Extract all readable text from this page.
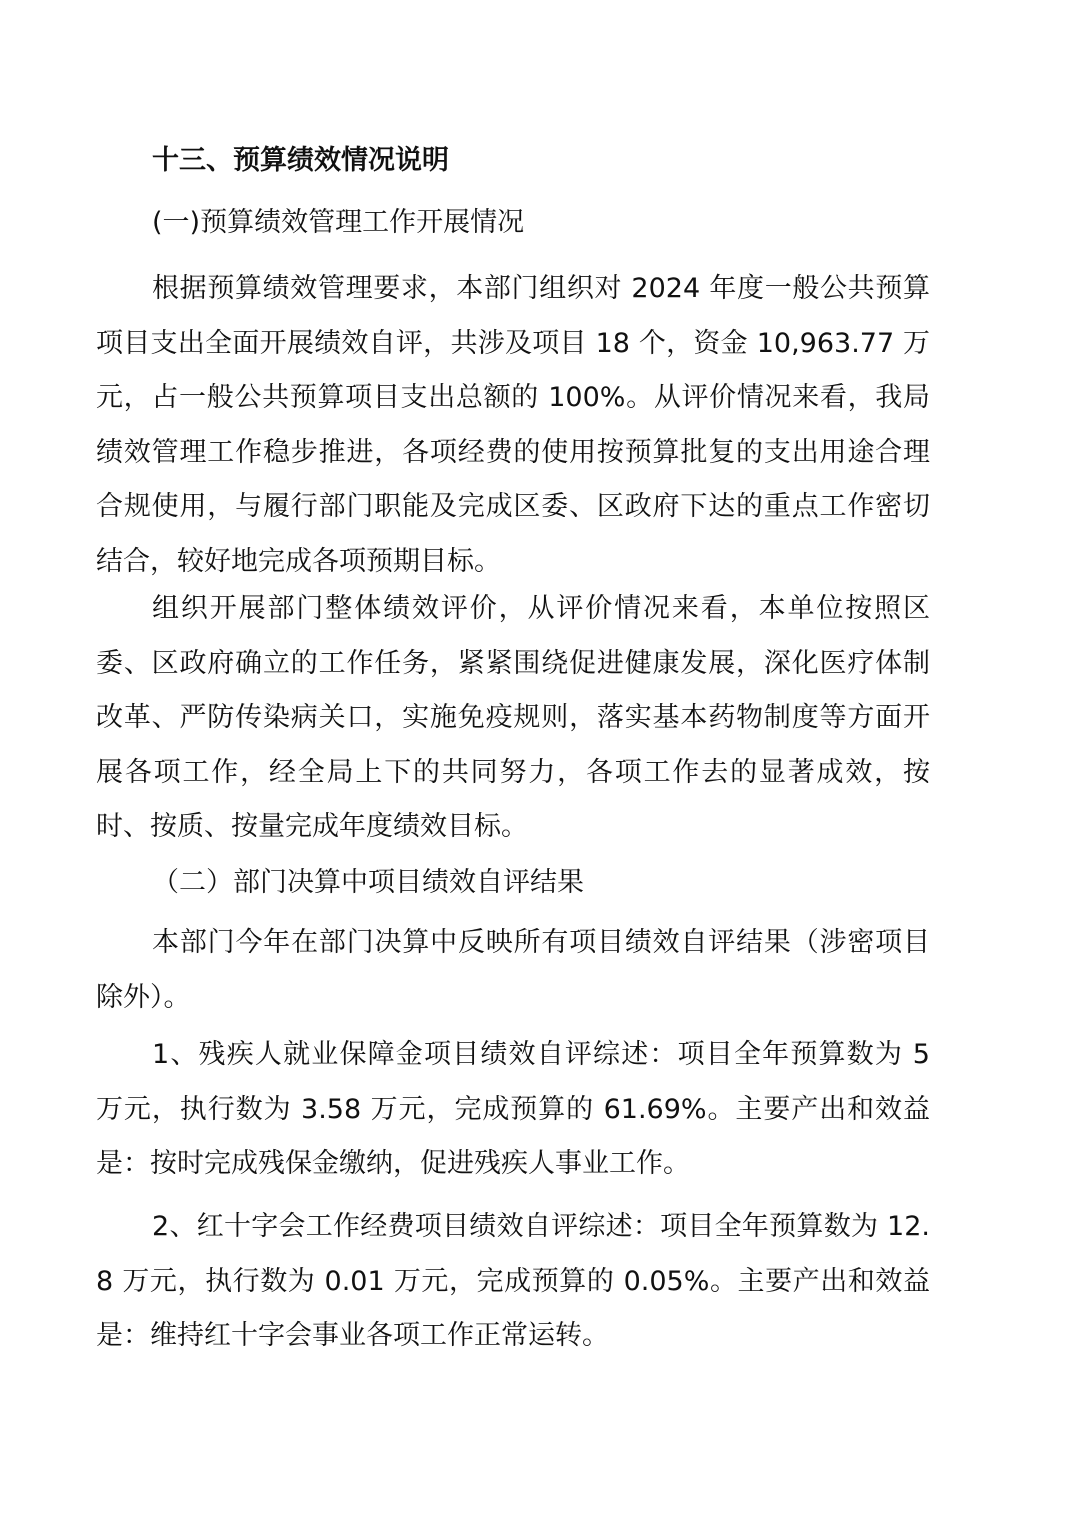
十三、预算绩效情况说明
(一)预算绩效管理工作开展情况

根据预算绩效管理要求，本部门组织对 2024 年度一般公共预算项目支出全面开展绩效自评，共涉及项目 18 个，资金 10,963.77 万元，占一般公共预算项目支出总额的 100%。从评价情况来看，我局绩效管理工作稳步推进，各项经费的使用按预算批复的支出用途合理合规使用，与履行部门职能及完成区委、区政府下达的重点工作密切结合，较好地完成各项预期目标。

组织开展部门整体绩效评价，从评价情况来看，本单位按照区委、区政府确立的工作任务，紧紧围绕促进健康发展，深化医疗体制改革、严防传染病关口，实施免疫规则，落实基本药物制度等方面开展各项工作，经全局上下的共同努力，各项工作去的显著成效，按时、按质、按量完成年度绩效目标。

（二）部门决算中项目绩效自评结果

本部门今年在部门决算中反映所有项目绩效自评结果（涉密项目除外）。

1、残疾人就业保障金项目绩效自评综述：项目全年预算数为 5 万元，执行数为 3.58 万元，完成预算的 61.69%。主要产出和效益是：按时完成残保金缴纳，促进残疾人事业工作。

2、红十字会工作经费项目绩效自评综述：项目全年预算数为 12.8 万元，执行数为 0.01 万元，完成预算的 0.05%。主要产出和效益是：维持红十字会事业各项工作正常运转。
